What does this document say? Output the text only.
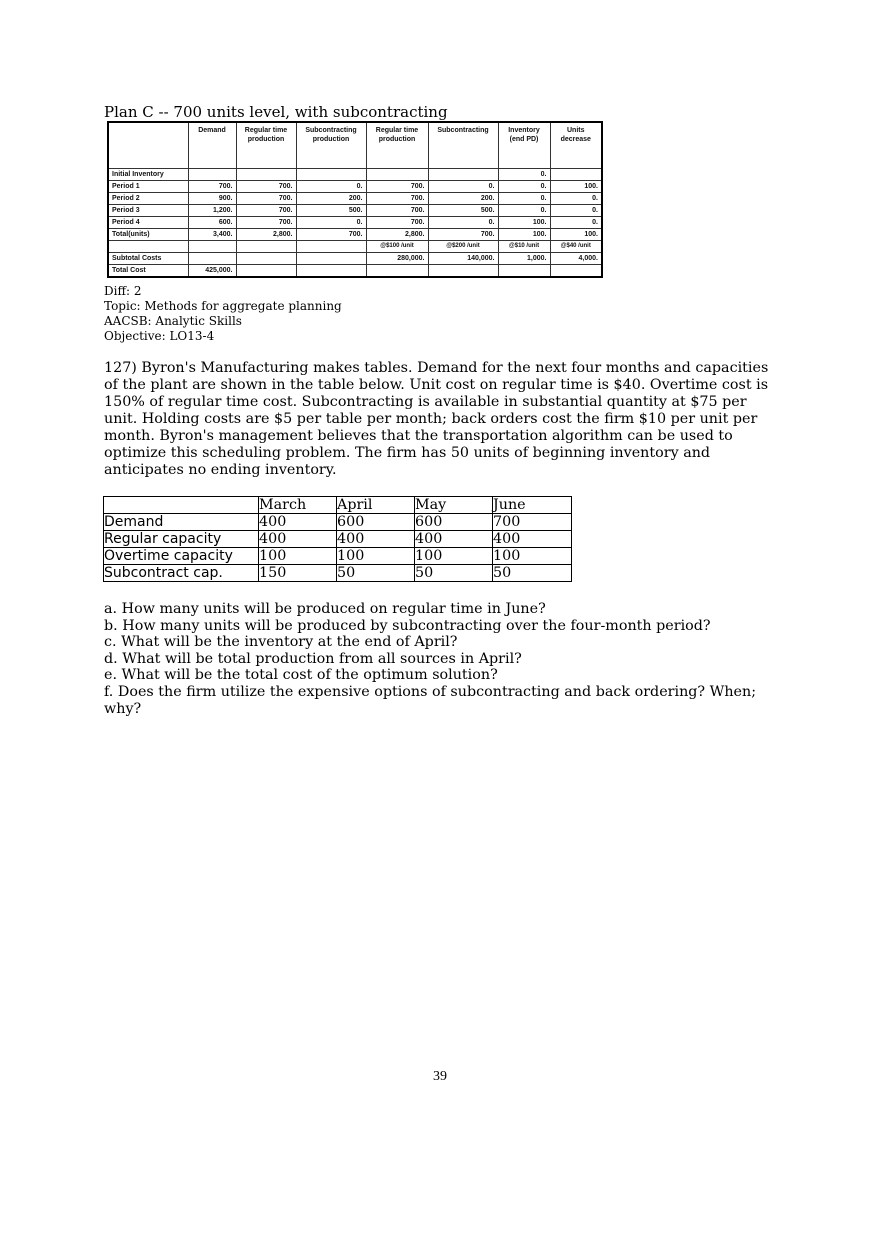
Plan C -- 700 units level, with subcontracting
	Demand	Regular time production	Subcontracting production	Regular time production	Subcontracting	Inventory (end PD)	Units decrease
Initial Inventory						0.	
Period 1	700.	700.	0.	700.	0.	0.	100.
Period 2	900.	700.	200.	700.	200.	0.	0.
Period 3	1,200.	700.	500.	700.	500.	0.	0.
Period 4	600.	700.	0.	700.	0.	100.	0.
Total(units)	3,400.	2,800.	700.	2,800.	700.	100.	100.
				@$100 /unit	@$200 /unit	@$10 /unit	@$40 /unit
Subtotal Costs				280,000.	140,000.	1,000.	4,000.
Total Cost	425,000.						
Diff: 2
Topic: Methods for aggregate planning
AACSB: Analytic Skills
Objective: LO13-4
127) Byron's Manufacturing makes tables. Demand for the next four months and capacities of the plant are shown in the table below. Unit cost on regular time is $40. Overtime cost is 150% of regular time cost. Subcontracting is available in substantial quantity at $75 per unit. Holding costs are $5 per table per month; back orders cost the firm $10 per unit per month. Byron's management believes that the transportation algorithm can be used to optimize this scheduling problem. The firm has 50 units of beginning inventory and anticipates no ending inventory.
	March	April	May	June
Demand	400	600	600	700
Regular capacity	400	400	400	400
Overtime capacity	100	100	100	100
Subcontract cap.	150	50	50	50
a. How many units will be produced on regular time in June?
b. How many units will be produced by subcontracting over the four-month period?
c. What will be the inventory at the end of April?
d. What will be total production from all sources in April?
e. What will be the total cost of the optimum solution?
f. Does the firm utilize the expensive options of subcontracting and back ordering? When; why?
39
